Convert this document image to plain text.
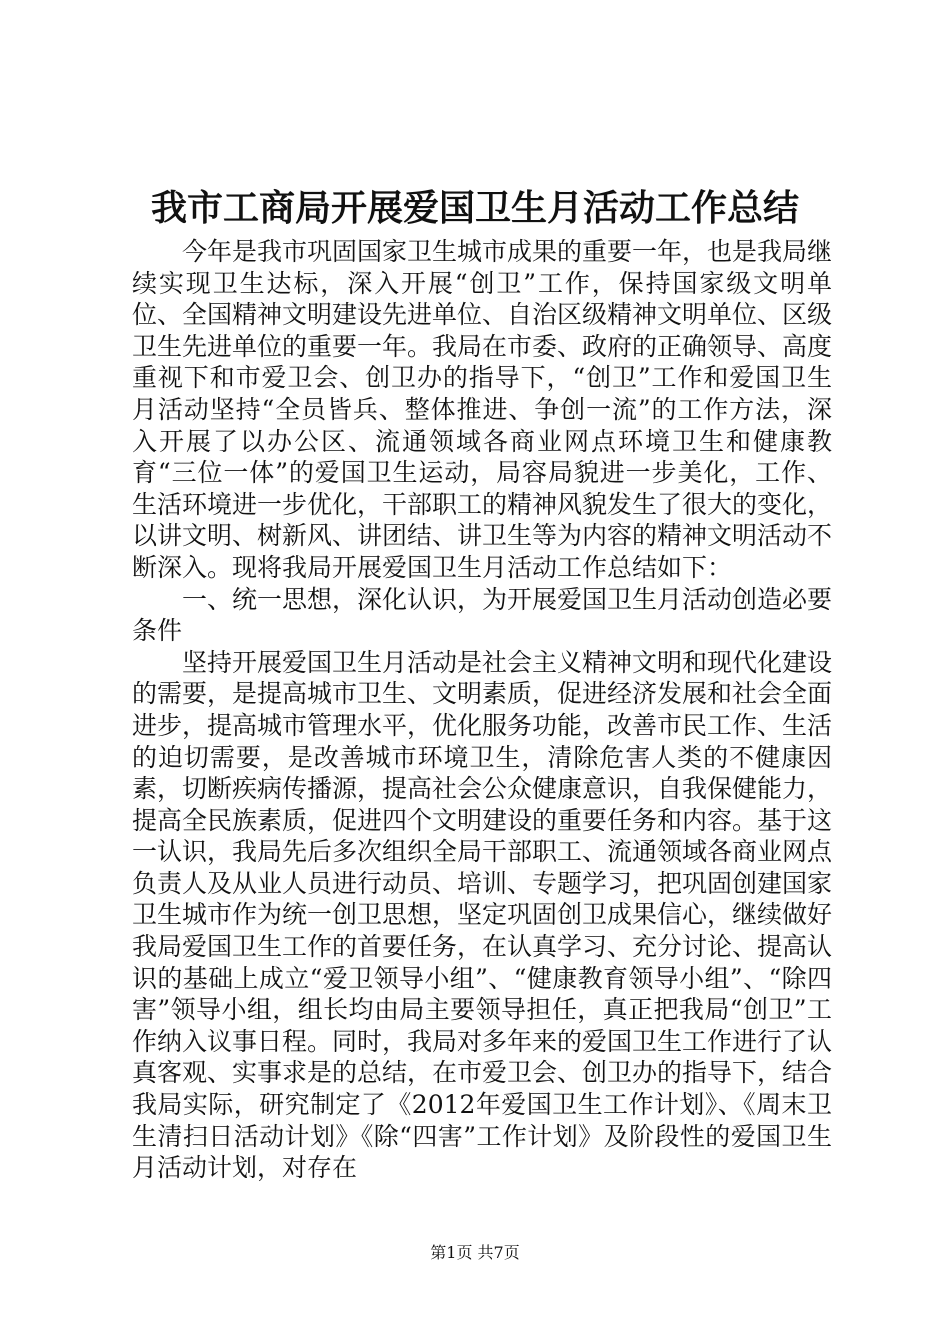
我市工商局开展爱国卫生月活动工作总结

今年是我市巩固国家卫生城市成果的重要一年，也是我局继续实现卫生达标，深入开展“创卫”工作，保持国家级文明单位、全国精神文明建设先进单位、自治区级精神文明单位、区级卫生先进单位的重要一年。我局在市委、政府的正确领导、高度重视下和市爱卫会、创卫办的指导下，“创卫”工作和爱国卫生月活动坚持“全员皆兵、整体推进、争创一流”的工作方法，深入开展了以办公区、流通领域各商业网点环境卫生和健康教育“三位一体”的爱国卫生运动，局容局貌进一步美化，工作、生活环境进一步优化，干部职工的精神风貌发生了很大的变化，以讲文明、树新风、讲团结、讲卫生等为内容的精神文明活动不断深入。现将我局开展爱国卫生月活动工作总结如下：

一、统一思想，深化认识，为开展爱国卫生月活动创造必要条件

坚持开展爱国卫生月活动是社会主义精神文明和现代化建设的需要，是提高城市卫生、文明素质，促进经济发展和社会全面进步，提高城市管理水平，优化服务功能，改善市民工作、生活的迫切需要，是改善城市环境卫生，清除危害人类的不健康因素，切断疾病传播源，提高社会公众健康意识，自我保健能力，提高全民族素质，促进四个文明建设的重要任务和内容。基于这一认识，我局先后多次组织全局干部职工、流通领域各商业网点负责人及从业人员进行动员、培训、专题学习，把巩固创建国家卫生城市作为统一创卫思想，坚定巩固创卫成果信心，继续做好我局爱国卫生工作的首要任务，在认真学习、充分讨论、提高认识的基础上成立“爱卫领导小组”、“健康教育领导小组”、“除四害”领导小组，组长均由局主要领导担任，真正把我局“创卫”工作纳入议事日程。同时，我局对多年来的爱国卫生工作进行了认真客观、实事求是的总结，在市爱卫会、创卫办的指导下，结合我局实际，研究制定了《2012年爱国卫生工作计划》、《周末卫生清扫日活动计划》《除“四害”工作计划》及阶段性的爱国卫生月活动计划，对存在

第1页 共7页
